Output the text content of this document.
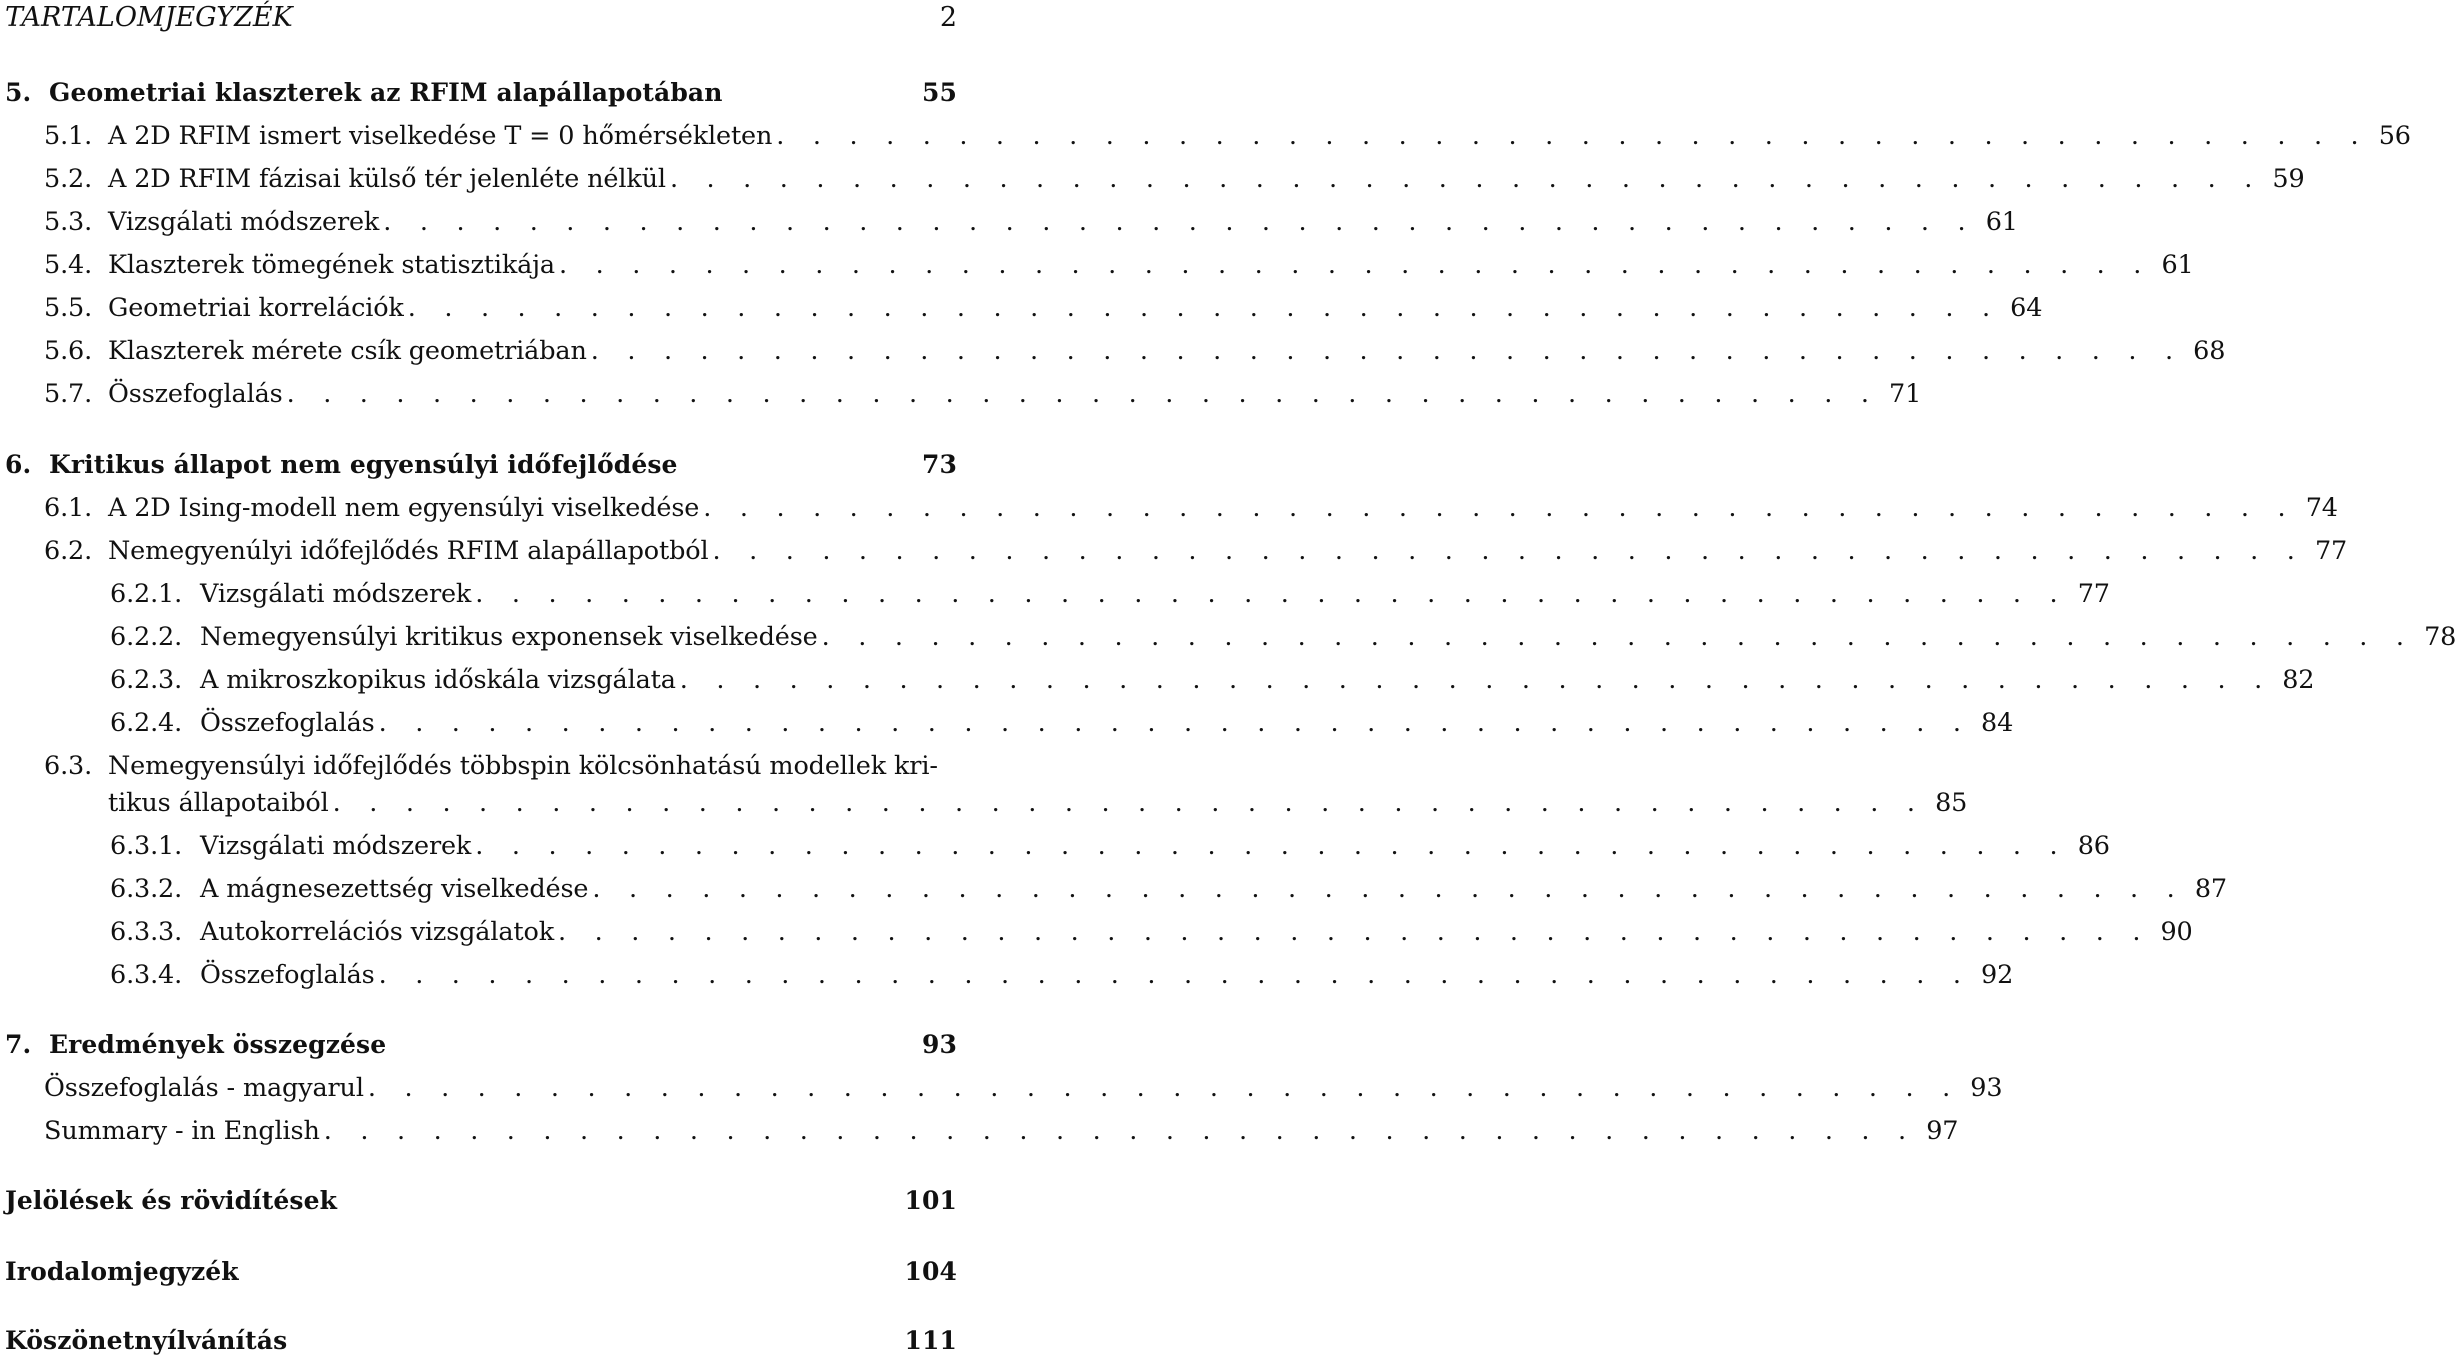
TARTALOMJEGYZÉK	2
5. Geometriai klaszterek az RFIM alapállapotában	55
5.1. A 2D RFIM ismert viselkedése T = 0 hőmérsékleten . . . . . . . . . . . . . . . . . . . . . . . . . . . . . . . . . . . . . . . . . . . . 56
5.2. A 2D RFIM fázisai külső tér jelenléte nélkül . . . . . . . . . . . . . . . . . . . . . . . . . . . . . . . . . . . . . . . . . . . . 59
5.3. Vizsgálati módszerek . . . . . . . . . . . . . . . . . . . . . . . . . . . . . . . . . . . . . . . . . . . . 61
5.4. Klaszterek tömegének statisztikája . . . . . . . . . . . . . . . . . . . . . . . . . . . . . . . . . . . . . . . . . . . . 61
5.5. Geometriai korrelációk . . . . . . . . . . . . . . . . . . . . . . . . . . . . . . . . . . . . . . . . . . . . 64
5.6. Klaszterek mérete csík geometriában . . . . . . . . . . . . . . . . . . . . . . . . . . . . . . . . . . . . . . . . . . . . 68
5.7. Összefoglalás . . . . . . . . . . . . . . . . . . . . . . . . . . . . . . . . . . . . . . . . . . . . 71
6. Kritikus állapot nem egyensúlyi időfejlődése	73
6.1. A 2D Ising-modell nem egyensúlyi viselkedése . . . . . . . . . . . . . . . . . . . . . . . . . . . . . . . . . . . . . . . . . . . . 74
6.2. Nemegyenúlyi időfejlődés RFIM alapállapotból . . . . . . . . . . . . . . . . . . . . . . . . . . . . . . . . . . . . . . . . . . . . 77
6.2.1. Vizsgálati módszerek . . . . . . . . . . . . . . . . . . . . . . . . . . . . . . . . . . . . . . . . . . . . 77
6.2.2. Nemegyensúlyi kritikus exponensek viselkedése . . . . . . . . . . . . . . . . . . . . . . . . . . . . . . . . . . . . . . . . . . . . 78
6.2.3. A mikroszkopikus időskála vizsgálata . . . . . . . . . . . . . . . . . . . . . . . . . . . . . . . . . . . . . . . . . . . . 82
6.2.4. Összefoglalás . . . . . . . . . . . . . . . . . . . . . . . . . . . . . . . . . . . . . . . . . . . . 84
6.3. Nemegyensúlyi időfejlődés többspin kölcsönhatású modellek kri-
tikus állapotaiból . . . . . . . . . . . . . . . . . . . . . . . . . . . . . . . . . . . . . . . . . . . . 85
6.3.1. Vizsgálati módszerek . . . . . . . . . . . . . . . . . . . . . . . . . . . . . . . . . . . . . . . . . . . . 86
6.3.2. A mágnesezettség viselkedése . . . . . . . . . . . . . . . . . . . . . . . . . . . . . . . . . . . . . . . . . . . . 87
6.3.3. Autokorrelációs vizsgálatok . . . . . . . . . . . . . . . . . . . . . . . . . . . . . . . . . . . . . . . . . . . . 90
6.3.4. Összefoglalás . . . . . . . . . . . . . . . . . . . . . . . . . . . . . . . . . . . . . . . . . . . . 92
7. Eredmények összegzése	93
Összefoglalás - magyarul . . . . . . . . . . . . . . . . . . . . . . . . . . . . . . . . . . . . . . . . . . . . 93
Summary - in English . . . . . . . . . . . . . . . . . . . . . . . . . . . . . . . . . . . . . . . . . . . . 97
Jelölések és rövidítések	101
Irodalomjegyzék	104
Köszönetnyílvánítás	111
